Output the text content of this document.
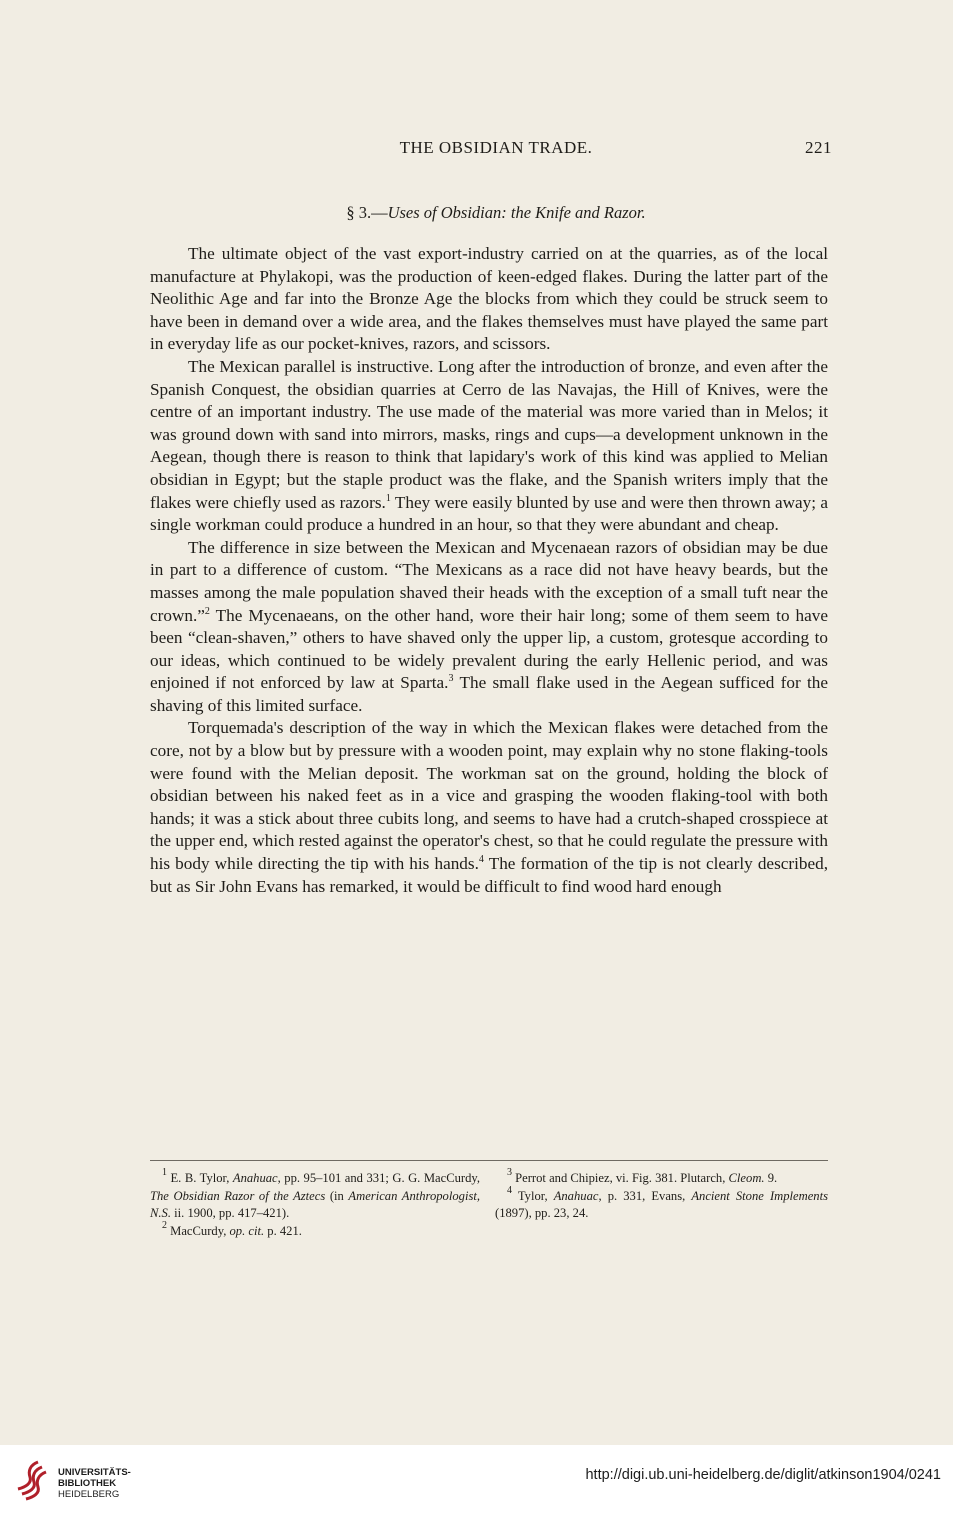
THE OBSIDIAN TRADE.	221
§ 3.—Uses of Obsidian: the Knife and Razor.

The ultimate object of the vast export-industry carried on at the quarries, as of the local manufacture at Phylakopi, was the production of keen-edged flakes. During the latter part of the Neolithic Age and far into the Bronze Age the blocks from which they could be struck seem to have been in demand over a wide area, and the flakes themselves must have played the same part in everyday life as our pocket-knives, razors, and scissors.

The Mexican parallel is instructive. Long after the introduction of bronze, and even after the Spanish Conquest, the obsidian quarries at Cerro de las Navajas, the Hill of Knives, were the centre of an important industry. The use made of the material was more varied than in Melos; it was ground down with sand into mirrors, masks, rings and cups—a development unknown in the Aegean, though there is reason to think that lapidary's work of this kind was applied to Melian obsidian in Egypt; but the staple product was the flake, and the Spanish writers imply that the flakes were chiefly used as razors.$^1$ They were easily blunted by use and were then thrown away; a single workman could produce a hundred in an hour, so that they were abundant and cheap.

The difference in size between the Mexican and Mycenaean razors of obsidian may be due in part to a difference of custom. “The Mexicans as a race did not have heavy beards, but the masses among the male population shaved their heads with the exception of a small tuft near the crown.”$^2$ The Mycenaeans, on the other hand, wore their hair long; some of them seem to have been “clean-shaven,” others to have shaved only the upper lip, a custom, grotesque according to our ideas, which continued to be widely prevalent during the early Hellenic period, and was enjoined if not enforced by law at Sparta.$^3$ The small flake used in the Aegean sufficed for the shaving of this limited surface.

Torquemada's description of the way in which the Mexican flakes were detached from the core, not by a blow but by pressure with a wooden point, may explain why no stone flaking-tools were found with the Melian deposit. The workman sat on the ground, holding the block of obsidian between his naked feet as in a vice and grasping the wooden flaking-tool with both hands; it was a stick about three cubits long, and seems to have had a crutch-shaped crosspiece at the upper end, which rested against the operator's chest, so that he could regulate the pressure with his body while directing the tip with his hands.$^4$ The formation of the tip is not clearly described, but as Sir John Evans has remarked, it would be difficult to find wood hard enough

$^1$ E. B. Tylor, Anahuac, pp. 95–101 and 331; G. G. MacCurdy, The Obsidian Razor of the Aztecs (in American Anthropologist, N.S. ii. 1900, pp. 417–421).
$^2$ MacCurdy, op. cit. p. 421.
$^3$ Perrot and Chipiez, vi. Fig. 381. Plutarch, Cleom. 9.
$^4$ Tylor, Anahuac, p. 331, Evans, Ancient Stone Implements (1897), pp. 23, 24.
UNIVERSITÄTS-
BIBLIOTHEK
HEIDELBERG
http://digi.ub.uni-heidelberg.de/diglit/atkinson1904/0241
